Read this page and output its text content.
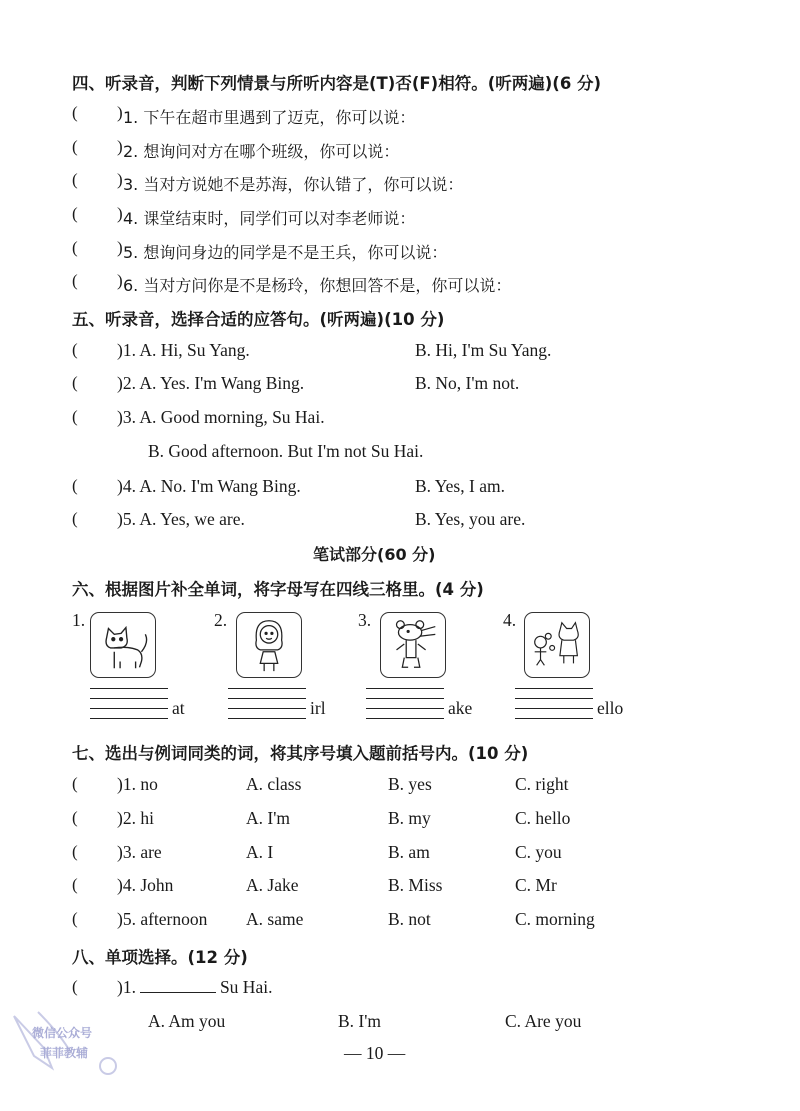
四、听录音，判断下列情景与所听内容是(T)否(F)相符。(听两遍)(6 分)
( ) 1. 下午在超市里遇到了迈克，你可以说：
( ) 2. 想询问对方在哪个班级，你可以说：
( ) 3. 当对方说她不是苏海，你认错了，你可以说：
( ) 4. 课堂结束时，同学们可以对李老师说：
( ) 5. 想询问身边的同学是不是王兵，你可以说：
( ) 6. 当对方问你是不是杨玲，你想回答不是，你可以说：
五、听录音，选择合适的应答句。(听两遍)(10 分)
( )1. A. Hi, Su Yang.	B. Hi, I'm Su Yang.
( )2. A. Yes. I'm Wang Bing.	B. No, I'm not.
( )3. A. Good morning, Su Hai.
B. Good afternoon. But I'm not Su Hai.
( )4. A. No. I'm Wang Bing.	B. Yes, I am.
( )5. A. Yes, we are.	B. Yes, you are.
笔试部分(60 分)
六、根据图片补全单词，将字母写在四线三格里。(4 分)
1.	2.	3.	4.
at	irl	ake	ello
七、选出与例词同类的词，将其序号填入题前括号内。(10 分)
( )1. no	A. class	B. yes	C. right
( )2. hi	A. I'm	B. my	C. hello
( )3. are	A. I	B. am	C. you
( )4. John	A. Jake	B. Miss	C. Mr
( )5. afternoon A. same	B. not	C. morning
八、单项选择。(12 分)
( )1.	Su Hai.
A. Am you	B. I'm	C. Are you
— 10 —
微信公众号
菲菲教辅
